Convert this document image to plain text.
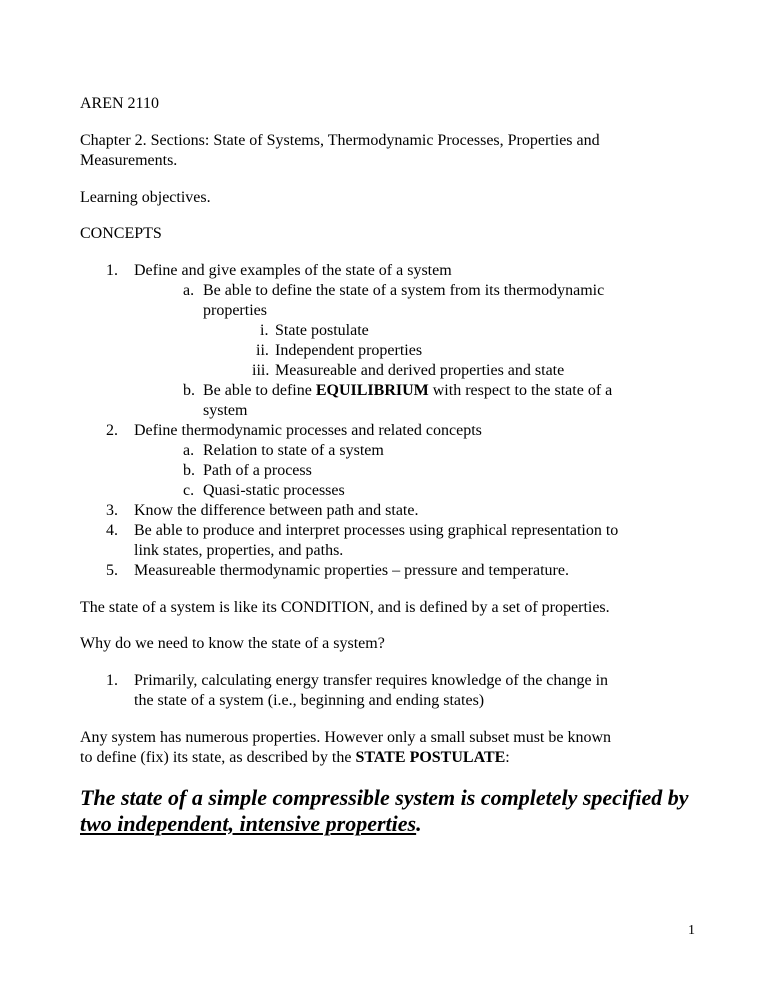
AREN 2110
Chapter 2. Sections: State of Systems, Thermodynamic Processes, Properties and
Measurements.
Learning objectives.
CONCEPTS
1. Define and give examples of the state of a system
a. Be able to define the state of a system from its thermodynamic
properties
i. State postulate
ii. Independent properties
iii. Measureable and derived properties and state
b. Be able to define EQUILIBRIUM with respect to the state of a
system
2. Define thermodynamic processes and related concepts
a. Relation to state of a system
b. Path of a process
c. Quasi-static processes
3. Know the difference between path and state.
4. Be able to produce and interpret processes using graphical representation to
link states, properties, and paths.
5. Measureable thermodynamic properties – pressure and temperature.
The state of a system is like its CONDITION, and is defined by a set of properties.
Why do we need to know the state of a system?
1. Primarily, calculating energy transfer requires knowledge of the change in
the state of a system (i.e., beginning and ending states)
Any system has numerous properties. However only a small subset must be known
to define (fix) its state, as described by the STATE POSTULATE:

The state of a simple compressible system is completely specified by
two independent, intensive properties.

1
